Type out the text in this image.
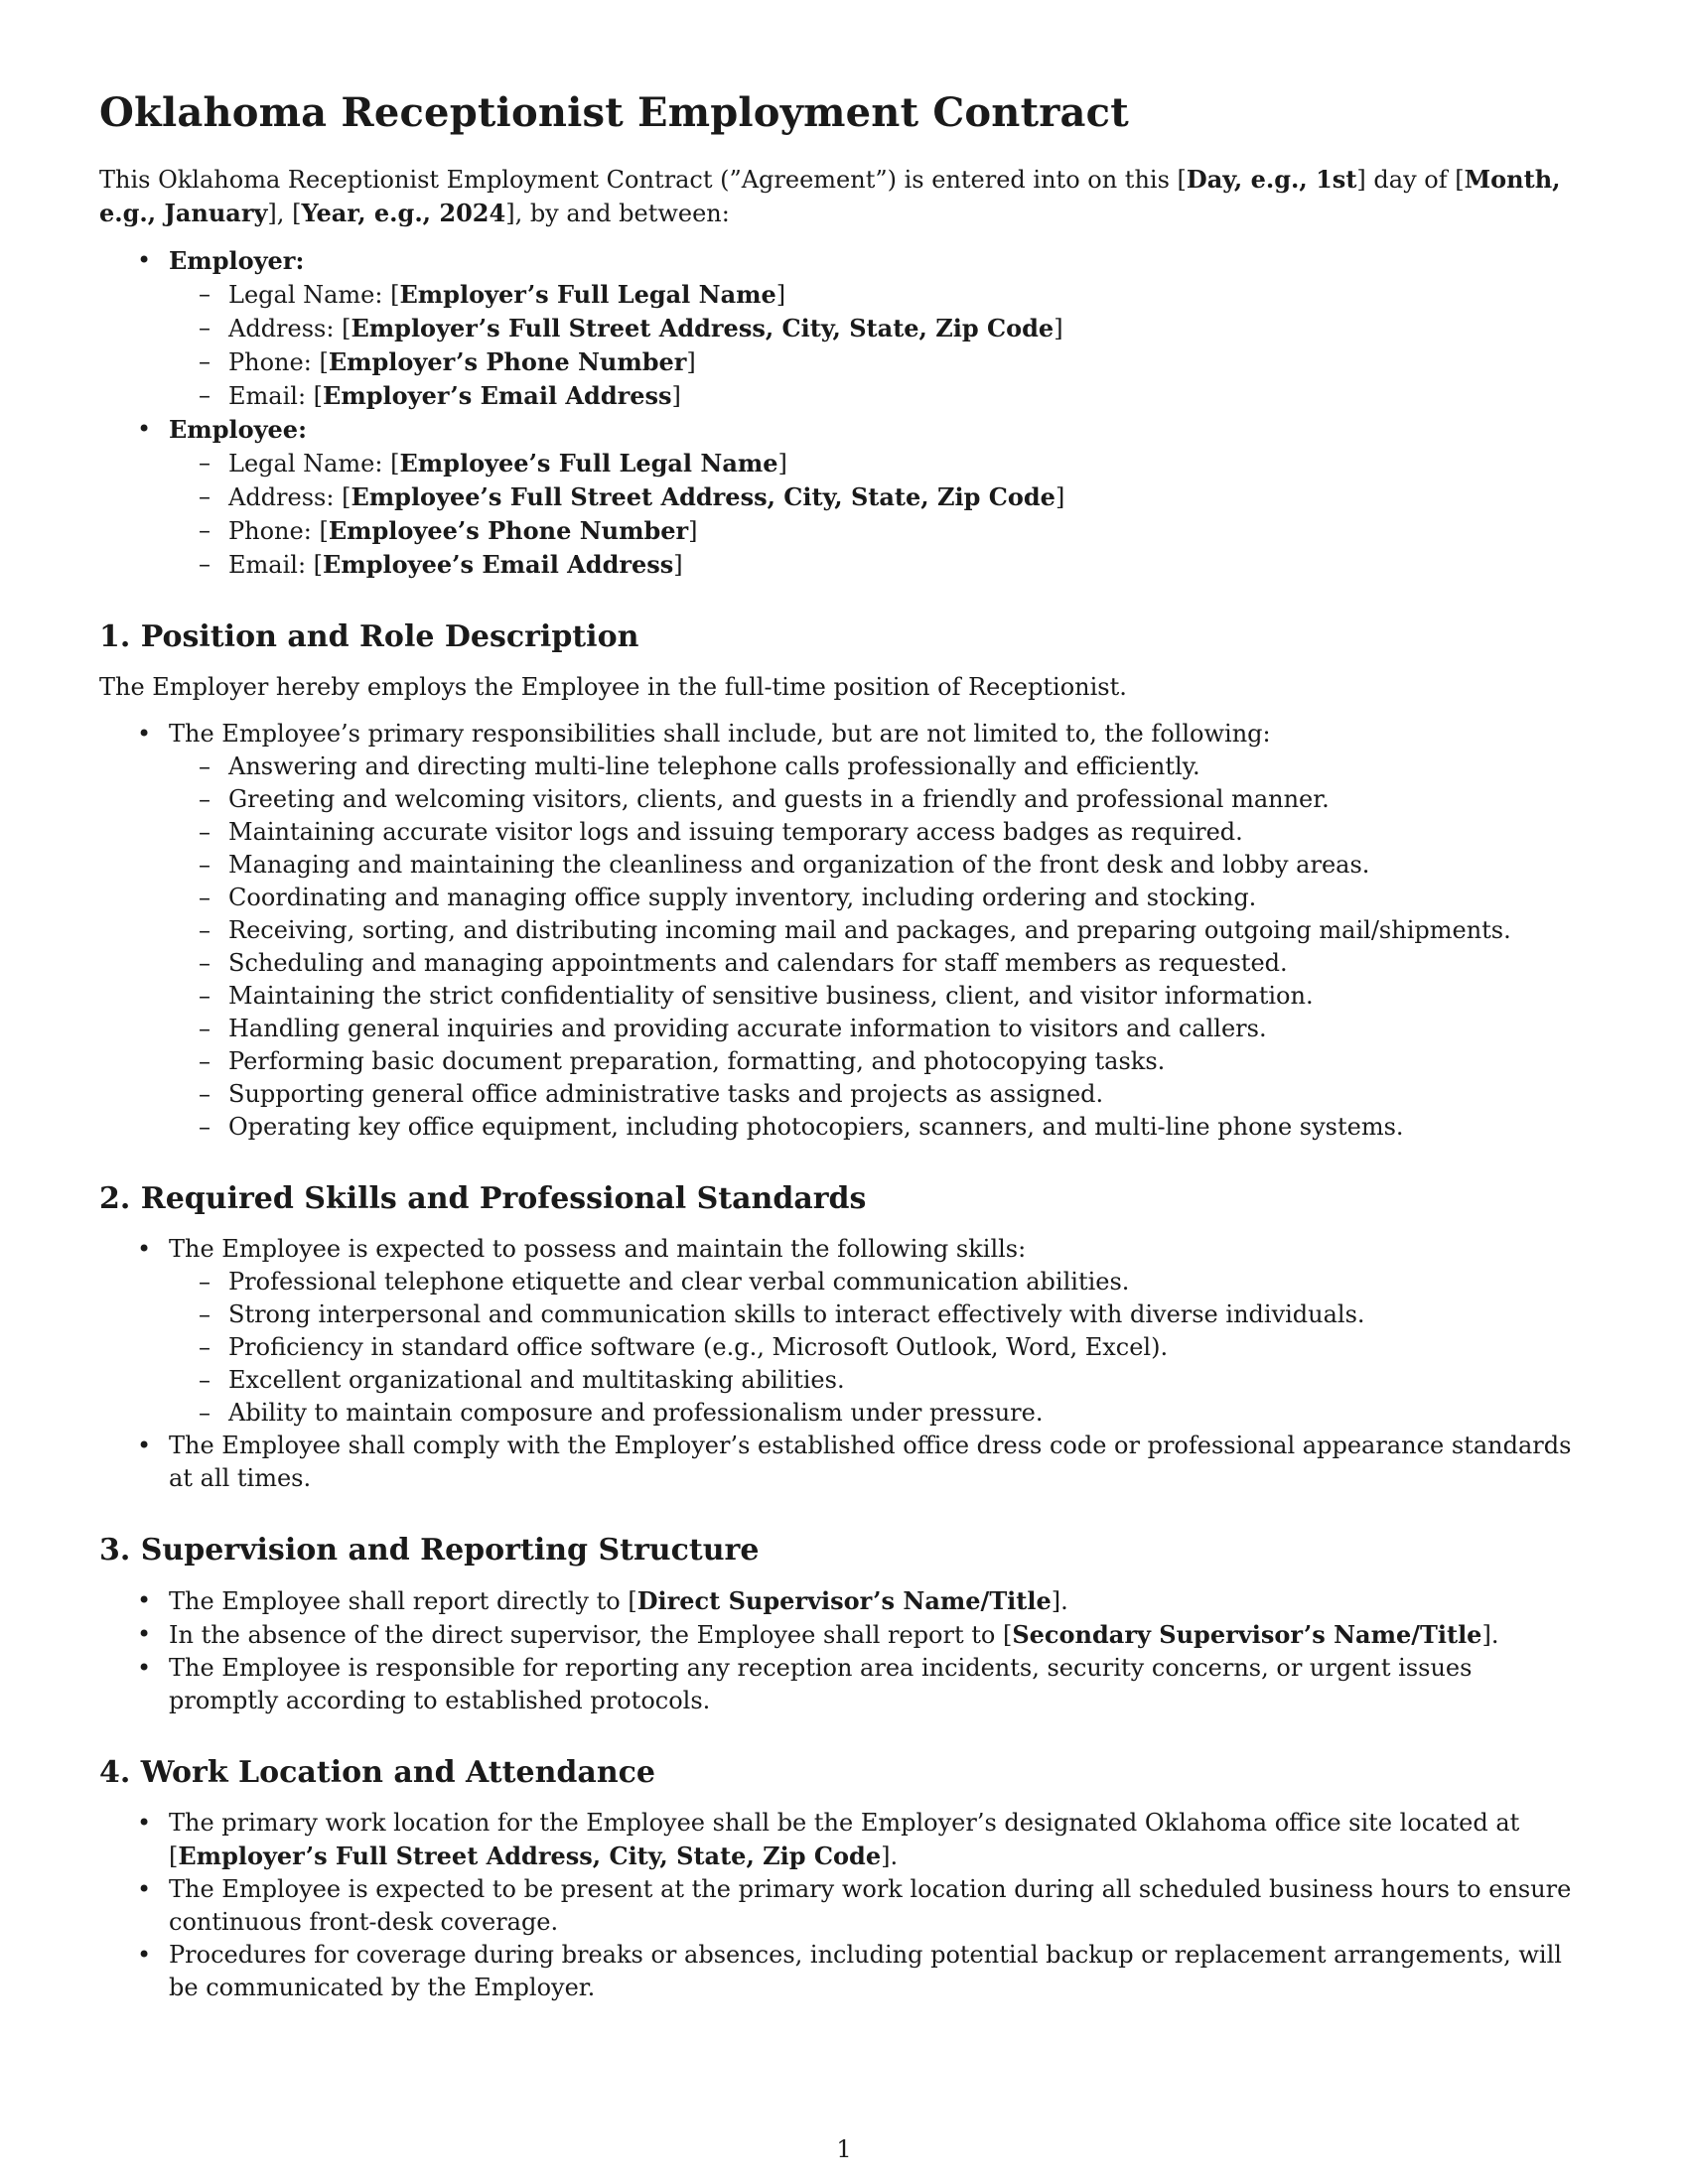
Oklahoma Receptionist Employment Contract

This Oklahoma Receptionist Employment Contract (”Agreement”) is entered into on this [Day, e.g., 1st] day of [Month, e.g., January], [Year, e.g., 2024], by and between:

• Employer:
– Legal Name: [Employer’s Full Legal Name]
– Address: [Employer’s Full Street Address, City, State, Zip Code]
– Phone: [Employer’s Phone Number]
– Email: [Employer’s Email Address]
• Employee:
– Legal Name: [Employee’s Full Legal Name]
– Address: [Employee’s Full Street Address, City, State, Zip Code]
– Phone: [Employee’s Phone Number]
– Email: [Employee’s Email Address]
1. Position and Role Description

The Employer hereby employs the Employee in the full-time position of Receptionist.

• The Employee’s primary responsibilities shall include, but are not limited to, the following:
– Answering and directing multi-line telephone calls professionally and efficiently.
– Greeting and welcoming visitors, clients, and guests in a friendly and professional manner.
– Maintaining accurate visitor logs and issuing temporary access badges as required.
– Managing and maintaining the cleanliness and organization of the front desk and lobby areas.
– Coordinating and managing office supply inventory, including ordering and stocking.
– Receiving, sorting, and distributing incoming mail and packages, and preparing outgoing mail/shipments.
– Scheduling and managing appointments and calendars for staff members as requested.
– Maintaining the strict confidentiality of sensitive business, client, and visitor information.
– Handling general inquiries and providing accurate information to visitors and callers.
– Performing basic document preparation, formatting, and photocopying tasks.
– Supporting general office administrative tasks and projects as assigned.
– Operating key office equipment, including photocopiers, scanners, and multi-line phone systems.
2. Required Skills and Professional Standards
• The Employee is expected to possess and maintain the following skills:
– Professional telephone etiquette and clear verbal communication abilities.
– Strong interpersonal and communication skills to interact effectively with diverse individuals.
– Proficiency in standard office software (e.g., Microsoft Outlook, Word, Excel).
– Excellent organizational and multitasking abilities.
– Ability to maintain composure and professionalism under pressure.
• The Employee shall comply with the Employer’s established office dress code or professional appearance standards at all times.
3. Supervision and Reporting Structure
• The Employee shall report directly to [Direct Supervisor’s Name/Title].
• In the absence of the direct supervisor, the Employee shall report to [Secondary Supervisor’s Name/Title].
• The Employee is responsible for reporting any reception area incidents, security concerns, or urgent issues promptly according to established protocols.
4. Work Location and Attendance
• The primary work location for the Employee shall be the Employer’s designated Oklahoma office site located at [Employer’s Full Street Address, City, State, Zip Code].
• The Employee is expected to be present at the primary work location during all scheduled business hours to ensure continuous front-desk coverage.
• Procedures for coverage during breaks or absences, including potential backup or replacement arrangements, will be communicated by the Employer.
1
